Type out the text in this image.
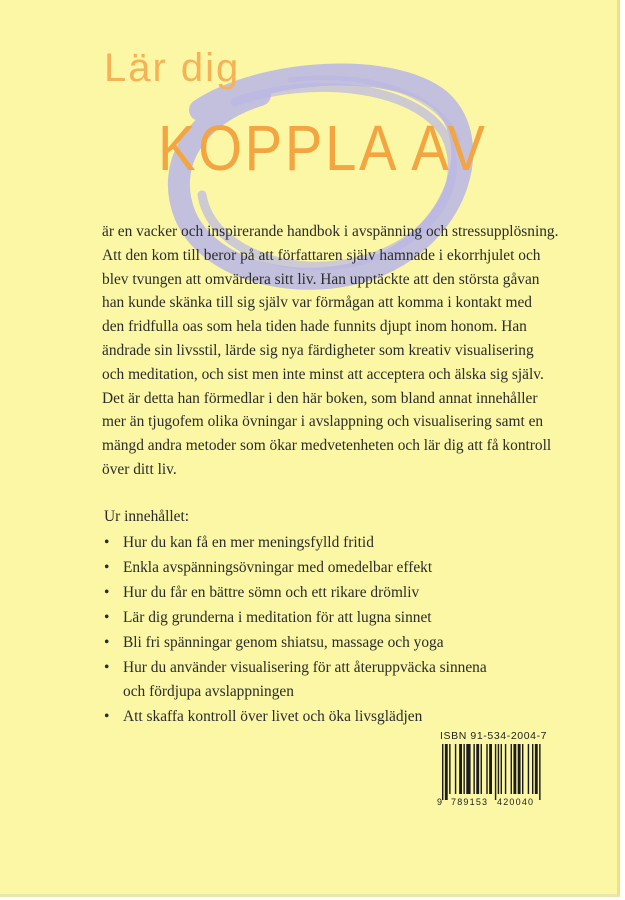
Lär dig
KOPPLA AV
är en vacker och inspirerande handbok i avspänning och stressupplösning.
Att den kom till beror på att författaren själv hamnade i ekorrhjulet och
blev tvungen att omvärdera sitt liv. Han upptäckte att den största gåvan
han kunde skänka till sig själv var förmågan att komma i kontakt med
den fridfulla oas som hela tiden hade funnits djupt inom honom. Han
ändrade sin livsstil, lärde sig nya färdigheter som kreativ visualisering
och meditation, och sist men inte minst att acceptera och älska sig själv.
Det är detta han förmedlar i den här boken, som bland annat innehåller
mer än tjugofem olika övningar i avslappning och visualisering samt en
mängd andra metoder som ökar medvetenheten och lär dig att få kontroll
över ditt liv.
Ur innehållet:
• Hur du kan få en mer meningsfylld fritid
• Enkla avspänningsövningar med omedelbar effekt
• Hur du får en bättre sömn och ett rikare drömliv
• Lär dig grunderna i meditation för att lugna sinnet
• Bli fri spänningar genom shiatsu, massage och yoga
• Hur du använder visualisering för att återuppväcka sinnena
och fördjupa avslappningen
• Att skaffa kontroll över livet och öka livsglädjen
ISBN 91-534-2004-7
9 789153 420040
